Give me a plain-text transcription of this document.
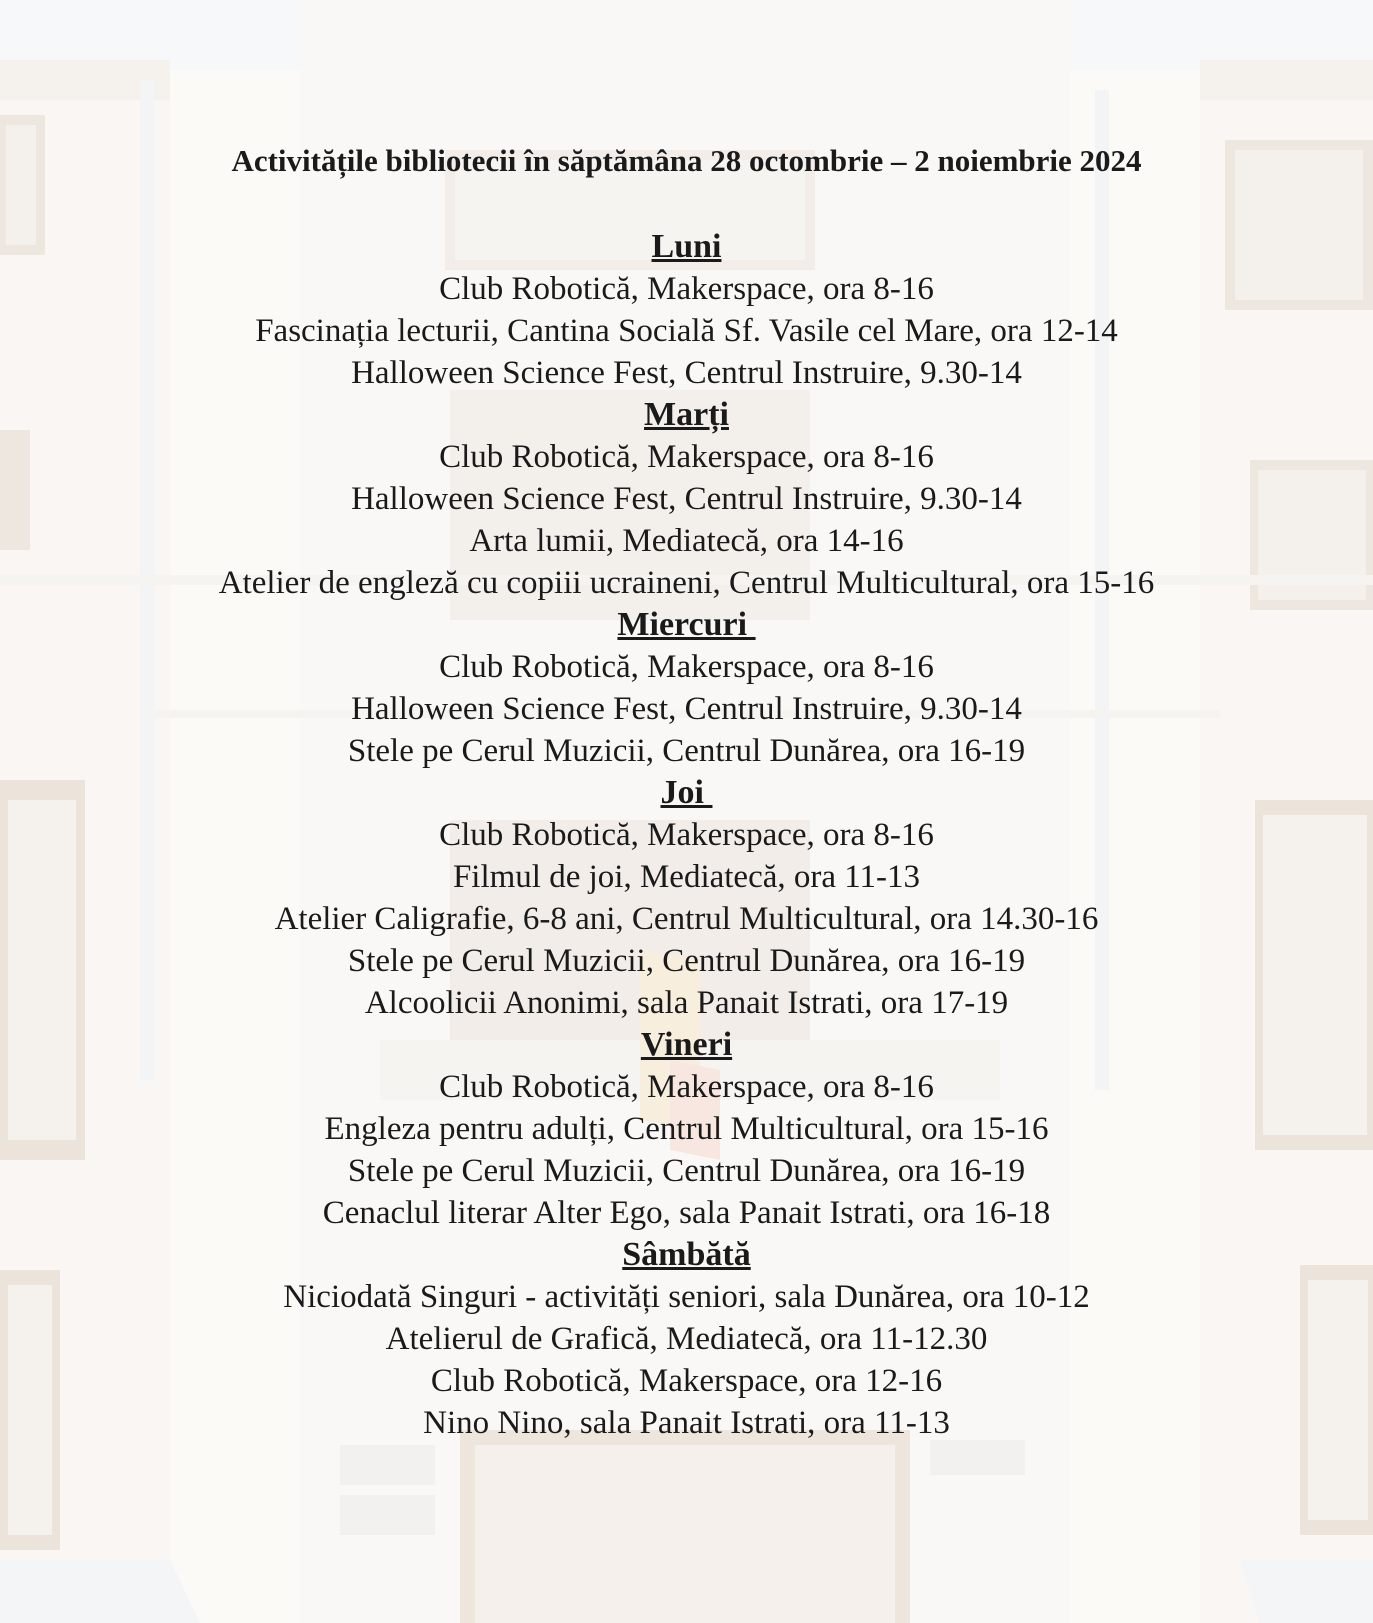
Activitățile bibliotecii în săptămâna 28 octombrie – 2 noiembrie 2024
Luni
Club Robotică, Makerspace, ora 8-16
Fascinația lecturii, Cantina Socială Sf. Vasile cel Mare, ora 12-14
Halloween Science Fest, Centrul Instruire, 9.30-14
Marți
Club Robotică, Makerspace, ora 8-16
Halloween Science Fest, Centrul Instruire, 9.30-14
Arta lumii, Mediatecă, ora 14-16
Atelier de engleză cu copiii ucraineni, Centrul Multicultural, ora 15-16
Miercuri
Club Robotică, Makerspace, ora 8-16
Halloween Science Fest, Centrul Instruire, 9.30-14
Stele pe Cerul Muzicii, Centrul Dunărea, ora 16-19
Joi
Club Robotică, Makerspace, ora 8-16
Filmul de joi, Mediatecă, ora 11-13
Atelier Caligrafie, 6-8 ani, Centrul Multicultural, ora 14.30-16
Stele pe Cerul Muzicii, Centrul Dunărea, ora 16-19
Alcoolicii Anonimi, sala Panait Istrati, ora 17-19
Vineri
Club Robotică, Makerspace, ora 8-16
Engleza pentru adulți, Centrul Multicultural, ora 15-16
Stele pe Cerul Muzicii, Centrul Dunărea, ora 16-19
Cenaclul literar Alter Ego, sala Panait Istrati, ora 16-18
Sâmbătă
Niciodată Singuri - activități seniori, sala Dunărea, ora 10-12
Atelierul de Grafică, Mediatecă, ora 11-12.30
Club Robotică, Makerspace, ora 12-16
Nino Nino, sala Panait Istrati, ora 11-13
